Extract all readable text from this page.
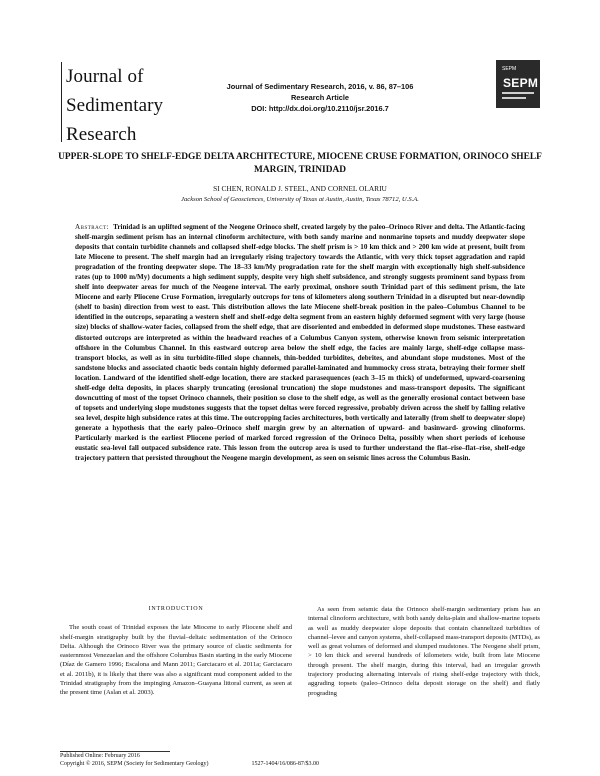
Journal of
Sedimentary
Research
Journal of Sedimentary Research, 2016, v. 86, 87–106
Research Article
DOI: http://dx.doi.org/10.2110/jsr.2016.7
SEPM
SEPM
UPPER-SLOPE TO SHELF-EDGE DELTA ARCHITECTURE, MIOCENE CRUSE FORMATION, ORINOCO SHELF MARGIN, TRINIDAD
SI CHEN, RONALD J. STEEL, AND CORNEL OLARIU
Jackson School of Geosciences, University of Texas at Austin, Austin, Texas 78712, U.S.A.
Abstract: Trinidad is an uplifted segment of the Neogene Orinoco shelf, created largely by the paleo–Orinoco River and delta. The Atlantic-facing shelf-margin sediment prism has an internal clinoform architecture, with both sandy marine and nonmarine topsets and muddy deepwater slope deposits that contain turbidite channels and collapsed shelf-edge blocks. The shelf prism is > 10 km thick and > 200 km wide at present, built from late Miocene to present. The shelf margin had an irregularly rising trajectory towards the Atlantic, with very thick topset aggradation and rapid progradation of the fronting deepwater slope. The 18–33 km/My progradation rate for the shelf margin with exceptionally high shelf-subsidence rates (up to 1000 m/My) documents a high sediment supply, despite very high shelf subsidence, and strongly suggests prominent sand bypass from shelf into deepwater areas for much of the Neogene interval. The early proximal, onshore south Trinidad part of this sediment prism, the late Miocene and early Pliocene Cruse Formation, irregularly outcrops for tens of kilometers along southern Trinidad in a disrupted but near-downdip (shelf to basin) direction from west to east. This distribution allows the late Miocene shelf-break position in the paleo–Columbus Channel to be identified in the outcrops, separating a western shelf and shelf-edge delta segment from an eastern highly deformed segment with very large (house size) blocks of shallow-water facies, collapsed from the shelf edge, that are disoriented and embedded in deformed slope mudstones. These eastward distorted outcrops are interpreted as within the headward reaches of a Columbus Canyon system, otherwise known from seismic interpretation offshore in the Columbus Channel. In this eastward outcrop area below the shelf edge, the facies are mainly large, shelf-edge collapse mass-transport blocks, as well as in situ turbidite-filled slope channels, thin-bedded turbidites, debrites, and abundant slope mudstones. Most of the sandstone blocks and associated chaotic beds contain highly deformed parallel-laminated and hummocky cross strata, betraying their former shelf location. Landward of the identified shelf-edge location, there are stacked parasequences (each 3–15 m thick) of undeformed, upward-coarsening shelf-edge delta deposits, in places sharply truncating (erosional truncation) the slope mudstones and mass-transport deposits. The significant downcutting of most of the topset Orinoco channels, their position so close to the shelf edge, as well as the generally erosional contact between base of topsets and underlying slope mudstones suggests that the topset deltas were forced regressive, probably driven across the shelf by falling relative sea level, despite high subsidence rates at this time. The outcropping facies architectures, both vertically and laterally (from shelf to deepwater slope) generate a hypothesis that the early paleo–Orinoco shelf margin grew by an alternation of upward- and basinward- growing clinoforms. Particularly marked is the earliest Pliocene period of marked forced regression of the Orinoco Delta, possibly when short periods of icehouse eustatic sea-level fall outpaced subsidence rate. This lesson from the outcrop area is used to further understand the flat–rise–flat–rise, shelf-edge trajectory pattern that persisted throughout the Neogene margin development, as seen on seismic lines across the Columbus Basin.
INTRODUCTION

The south coast of Trinidad exposes the late Miocene to early Pliocene shelf and shelf-margin stratigraphy built by the fluvial–deltaic sedimentation of the Orinoco Delta. Although the Orinoco River was the primary source of clastic sediments for easternmost Venezuelan and the offshore Columbus Basin starting in the early Miocene (Díaz de Gamero 1996; Escalona and Mann 2011; Garciacaro et al. 2011a; Garciacaro et al. 2011b), it is likely that there was also a significant mud component added to the Trinidad stratigraphy from the impinging Amazon–Guayana littoral current, as seen at the present time (Aslan et al. 2003).

As seen from seismic data the Orinoco shelf-margin sedimentary prism has an internal clinoform architecture, with both sandy delta-plain and shallow-marine topsets as well as muddy deepwater slope deposits that contain channelized turbidites of channel–levee and canyon systems, shelf-collapsed mass-transport deposits (MTDs), as well as great volumes of deformed and slumped mudstones. The Neogene shelf prism, > 10 km thick and several hundreds of kilometers wide, built from late Miocene through present. The shelf margin, during this interval, had an irregular growth trajectory producing alternating intervals of rising shelf-edge trajectory with thick, aggrading topsets (paleo–Orinoco delta deposit storage on the shelf) and flatly prograding

Published Online: February 2016
Copyright © 2016, SEPM (Society for Sedimentary Geology)	1527-1404/16/086-87/$3.00
